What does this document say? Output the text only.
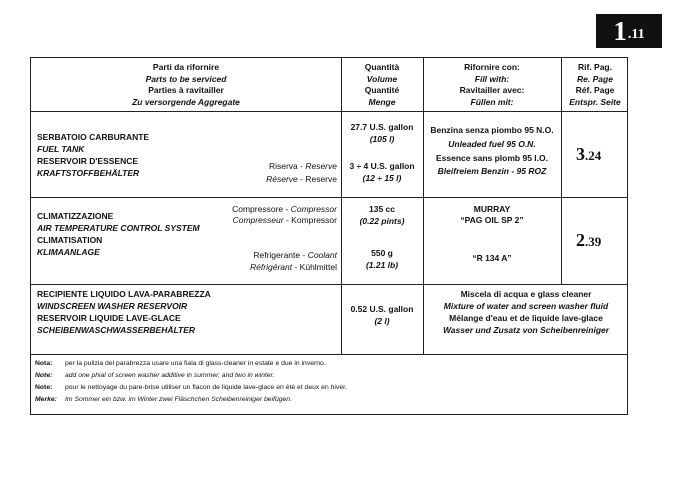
1 .11
Parti da rifornire
Parts to be serviced
Parties à ravitailler
Zu versorgende Aggregate
Quantità
Volume
Quantité
Menge
Rifornire con:
Fill with:
Ravitailler avec:
Füllen mit:
Rif. Pag.
Re. Page
Réf. Page
Entspr. Seite
SERBATOIO CARBURANTE
FUEL TANK
RESERVOIR D'ESSENCE
KRAFTSTOFFBEHÄLTER
Riserva - Reserve
Réserve - Reserve
27.7 U.S. gallon
(105 l)
3 ÷ 4 U.S. gallon
(12 ÷ 15 l)
Benzina senza piombo 95 N.O.
Unleaded fuel 95 O.N.
Essence sans plomb 95 I.O.
Bleifreiem Benzin - 95 ROZ
3.24
CLIMATIZZAZIONE
AIR TEMPERATURE CONTROL SYSTEM
CLIMATISATION
KLIMAANLAGE
Compressore - Compressor
Compresseur - Kompressor
Refrigerante - Coolant
Réfrigérant - Kühlmittel
135 cc
(0.22 pints)
550 g
(1.21 lb)
MURRAY
“PAG OIL SP 2”
“R 134 A”
2.39
RECIPIENTE LIQUIDO LAVA-PARABREZZA
WINDSCREEN WASHER RESERVOIR
RESERVOIR LIQUIDE LAVE-GLACE
SCHEIBENWASCHWASSERBEHÄLTER
0.52 U.S. gallon
(2 l)
Miscela di acqua e glass cleaner
Mixture of water and screen washer fluid
Mélange d'eau et de liquide lave-glace
Wasser und Zusatz von Scheibenreiniger
Nota: per la pulizia del parabrezza usare una fiala di glass-cleaner in estate e due in inverno.
Note: add one phial of screen washer additive in summer, and two in winter.
Note: pour le nettoyage du pare-brise utiliser un flacon de liquide lave-glace en été et deux en hiver.
Merke: Im Sommer ein bzw. im Winter zwei Fläschchen Scheibenreiniger beifügen.
